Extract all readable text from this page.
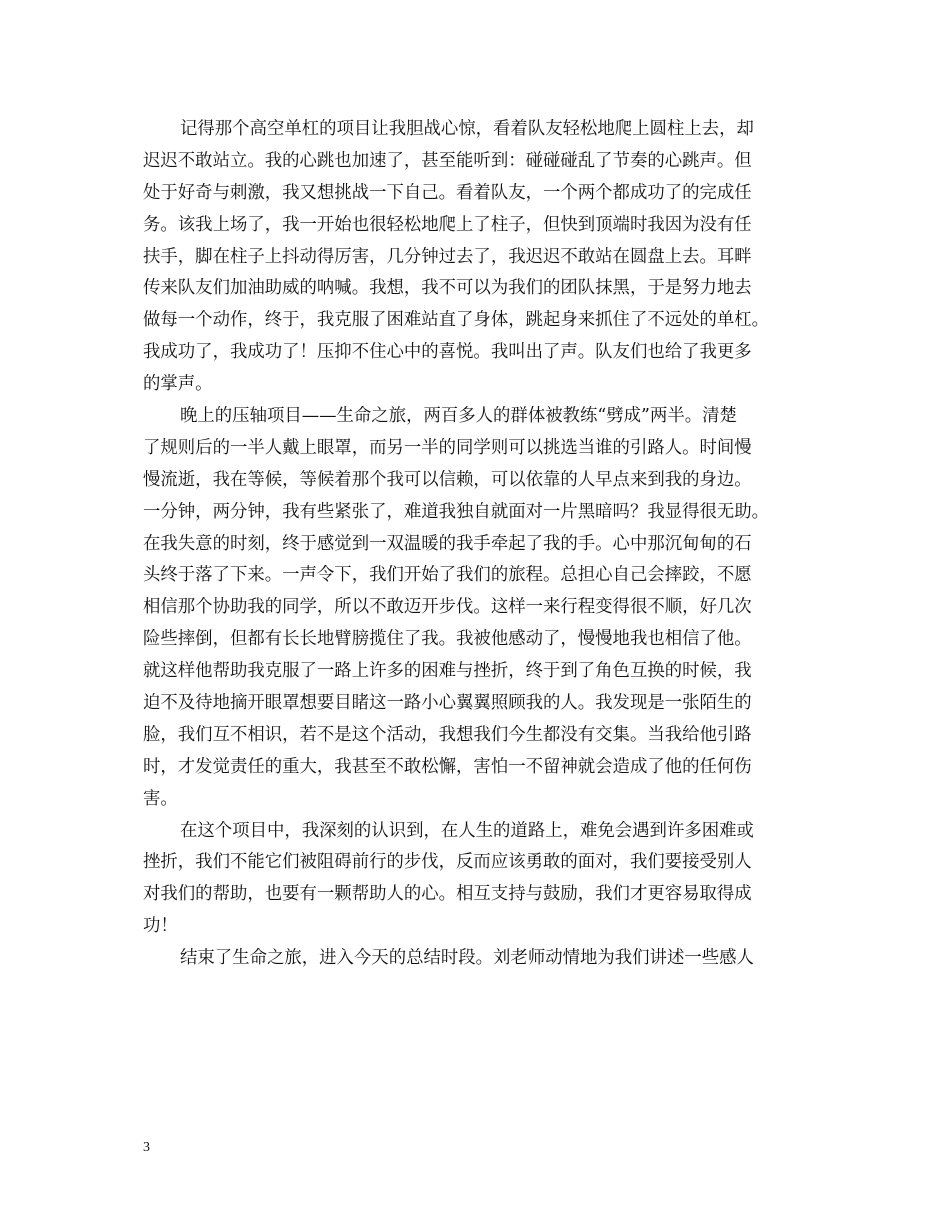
记得那个高空单杠的项目让我胆战心惊，看着队友轻松地爬上圆柱上去，却
迟迟不敢站立。我的心跳也加速了，甚至能听到：碰碰碰乱了节奏的心跳声。但
处于好奇与刺激，我又想挑战一下自己。看着队友，一个两个都成功了的完成任
务。该我上场了，我一开始也很轻松地爬上了柱子，但快到顶端时我因为没有任
扶手，脚在柱子上抖动得厉害，几分钟过去了，我迟迟不敢站在圆盘上去。耳畔
传来队友们加油助威的呐喊。我想，我不可以为我们的团队抹黑，于是努力地去
做每一个动作，终于，我克服了困难站直了身体，跳起身来抓住了不远处的单杠。
我成功了，我成功了！压抑不住心中的喜悦。我叫出了声。队友们也给了我更多
的掌声。
晚上的压轴项目——生命之旅，两百多人的群体被教练“劈成”两半。清楚
了规则后的一半人戴上眼罩，而另一半的同学则可以挑选当谁的引路人。时间慢
慢流逝，我在等候，等候着那个我可以信赖，可以依靠的人早点来到我的身边。
一分钟，两分钟，我有些紧张了，难道我独自就面对一片黑暗吗？我显得很无助。
在我失意的时刻，终于感觉到一双温暖的我手牵起了我的手。心中那沉甸甸的石
头终于落了下来。一声令下，我们开始了我们的旅程。总担心自己会摔跤，不愿
相信那个协助我的同学，所以不敢迈开步伐。这样一来行程变得很不顺，好几次
险些摔倒，但都有长长地臂膀揽住了我。我被他感动了，慢慢地我也相信了他。
就这样他帮助我克服了一路上许多的困难与挫折，终于到了角色互换的时候，我
迫不及待地摘开眼罩想要目睹这一路小心翼翼照顾我的人。我发现是一张陌生的
脸，我们互不相识，若不是这个活动，我想我们今生都没有交集。当我给他引路
时，才发觉责任的重大，我甚至不敢松懈，害怕一不留神就会造成了他的任何伤
害。
在这个项目中，我深刻的认识到，在人生的道路上，难免会遇到许多困难或
挫折，我们不能它们被阻碍前行的步伐，反而应该勇敢的面对，我们要接受别人
对我们的帮助，也要有一颗帮助人的心。相互支持与鼓励，我们才更容易取得成
功！
结束了生命之旅，进入今天的总结时段。刘老师动情地为我们讲述一些感人
3
